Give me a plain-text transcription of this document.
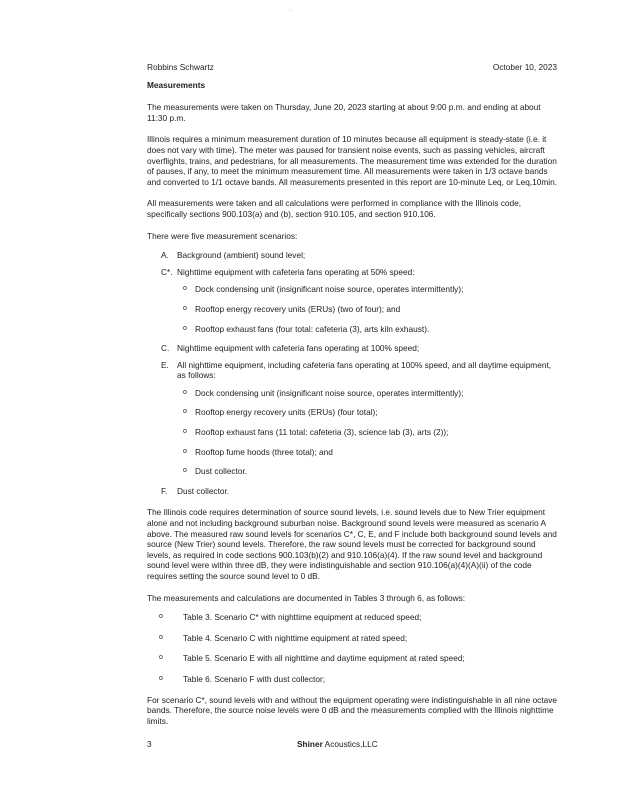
·:·
Robbins Schwartz	October 10, 2023
Measurements

The measurements were taken on Thursday, June 20, 2023 starting at about 9:00 p.m. and ending at about 11:30 p.m.

Illinois requires a minimum measurement duration of 10 minutes because all equipment is steady-state (i.e. it does not vary with time). The meter was paused for transient noise events, such as passing vehicles, aircraft overflights, trains, and pedestrians, for all measurements. The measurement time was extended for the duration of pauses, if any, to meet the minimum measurement time. All measurements were taken in 1/3 octave bands and converted to 1/1 octave bands. All measurements presented in this report are 10-minute Leq, or Leq,10min.

All measurements were taken and all calculations were performed in compliance with the Illinois code, specifically sections 900.103(a) and (b), section 910.105, and section 910.106.

There were five measurement scenarios:

A. Background (ambient) sound level;
C*. Nighttime equipment with cafeteria fans operating at 50% speed:
o Dock condensing unit (insignificant noise source, operates intermittently);
o Rooftop energy recovery units (ERUs) (two of four); and
o Rooftop exhaust fans (four total: cafeteria (3), arts kiln exhaust).
C. Nighttime equipment with cafeteria fans operating at 100% speed;
E. All nighttime equipment, including cafeteria fans operating at 100% speed, and all daytime equipment, as follows:
o Dock condensing unit (insignificant noise source, operates intermittently);
o Rooftop energy recovery units (ERUs) (four total);
o Rooftop exhaust fans (11 total: cafeteria (3), science lab (3), arts (2));
o Rooftop fume hoods (three total); and
o Dust collector.
F.	Dust collector.

The Illinois code requires determination of source sound levels, i.e. sound levels due to New Trier equipment alone and not including background suburban noise. Background sound levels were measured as scenario A above. The measured raw sound levels for scenarios C*, C, E, and F include both background sound levels and source (New Trier) sound levels. Therefore, the raw sound levels must be corrected for background sound levels, as required in code sections 900.103(b)(2) and 910.106(a)(4). If the raw sound level and background sound level were within three dB, they were indistinguishable and section 910.106(a)(4)(A)(ii) of the code requires setting the source sound level to 0 dB.

The measurements and calculations are documented in Tables 3 through 6, as follows:

o	Table 3. Scenario C* with nighttime equipment at reduced speed;
o	Table 4. Scenario C with nighttime equipment at rated speed;
o	Table 5. Scenario E with all nighttime and daytime equipment at rated speed;
o	Table 6. Scenario F with dust collector;

For scenario C*, sound levels with and without the equipment operating were indistinguishable in all nine octave bands. Therefore, the source noise levels were 0 dB and the measurements complied with the Illinois nighttime limits.

3	Shiner Acoustics,LLC
